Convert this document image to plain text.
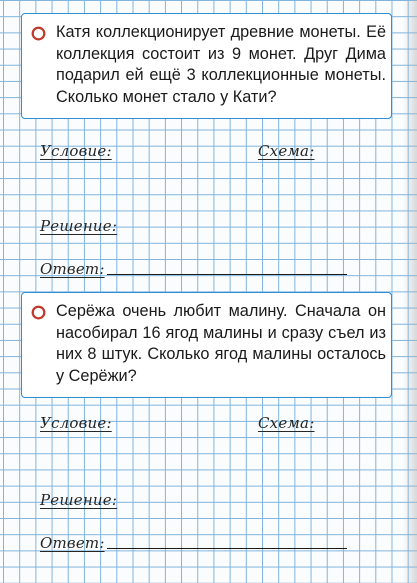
Катя коллекционирует древние монеты. Её коллекция состоит из 9 монет. Друг Дима подарил ей ещё 3 коллекционные монеты. Сколько монет стало у Кати?
Условие:	Схема:
Решение:
Ответ:
Серёжа очень любит малину. Сначала он насобирал 16 ягод малины и сразу съел из них 8 штук. Сколько ягод малины осталось у Серёжи?
Условие:	Схема:
Решение:
Ответ:
